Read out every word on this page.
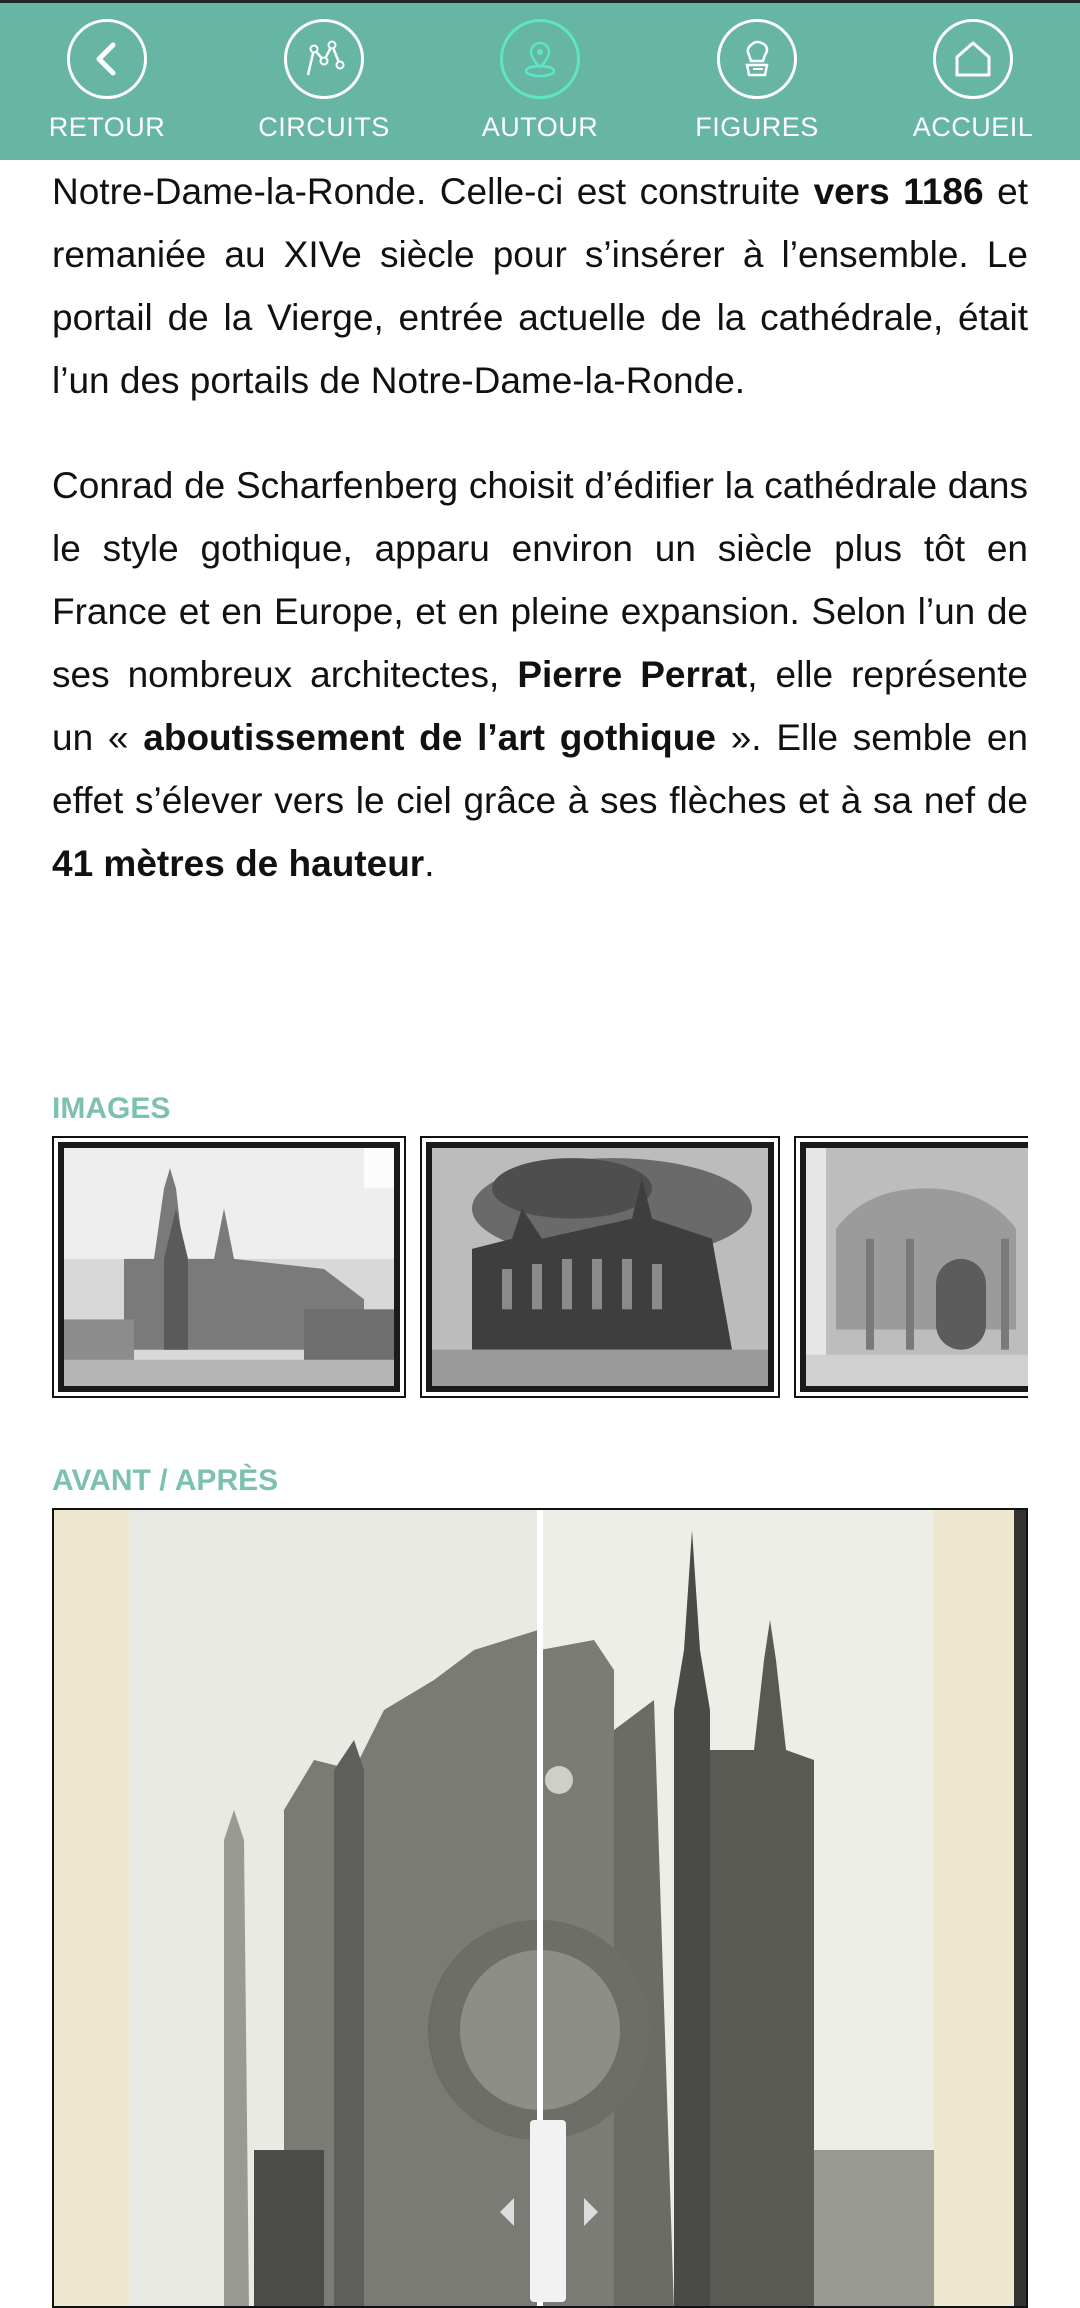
RETOUR	CIRCUITS	AUTOUR	FIGURES	ACCUEIL

Notre-Dame-la-Ronde. Celle-ci est construite vers 1186 et remaniée au XIVe siècle pour s’insérer à l’ensemble. Le portail de la Vierge, entrée actuelle de la cathédrale, était l’un des portails de Notre-Dame-la-Ronde.

Conrad de Scharfenberg choisit d’édifier la cathédrale dans le style gothique, apparu environ un siècle plus tôt en France et en Europe, et en pleine expansion. Selon l’un de ses nombreux architectes, Pierre Perrat, elle représente un « aboutissement de l’art gothique ». Elle semble en effet s’élever vers le ciel grâce à ses flèches et à sa nef de 41 mètres de hauteur.

IMAGES
AVANT / APRÈS
